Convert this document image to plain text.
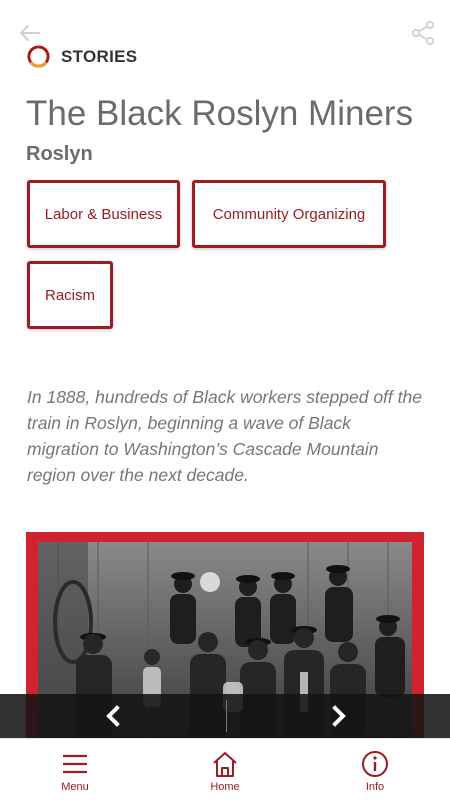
STORIES
The Black Roslyn Miners
Roslyn
Labor & Business	Community Organizing
Racism

In 1888, hundreds of Black workers stepped off the train in Roslyn, beginning a wave of Black migration to Washington’s Cascade Mountain region over the next decade.

Menu	Home	Info
